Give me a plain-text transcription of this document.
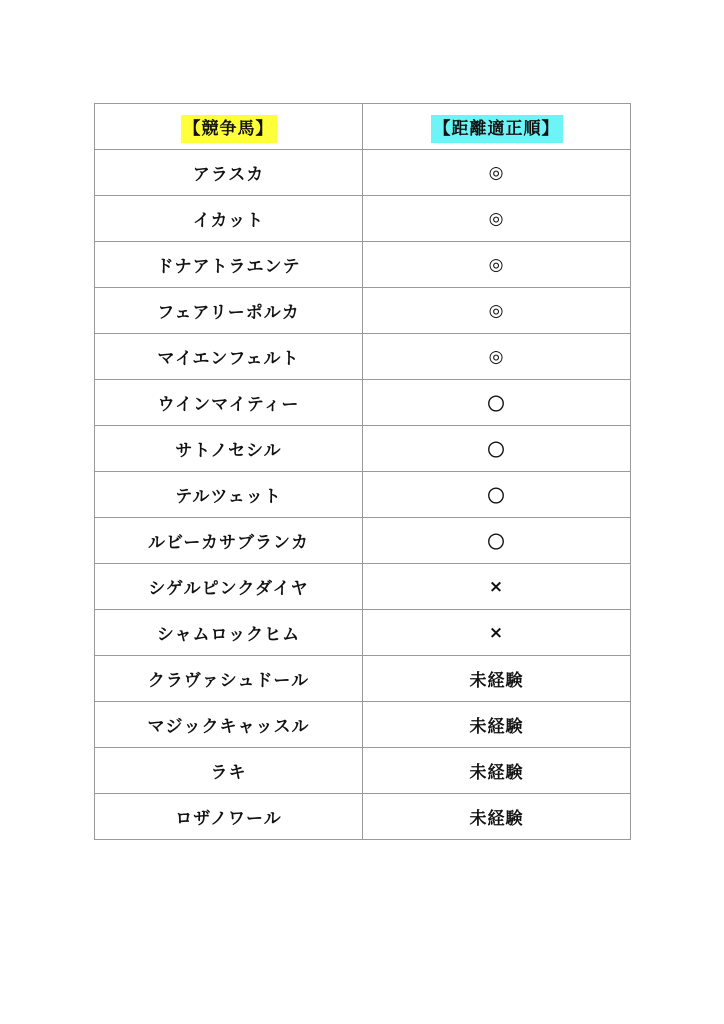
【競争馬】	【距離適正順】
アラスカ	◎
イカット	◎
ドナアトラエンテ	◎
フェアリーポルカ	◎
マイエンフェルト	◎
ウインマイティー	〇
サトノセシル	〇
テルツェット	〇
ルビーカサブランカ	〇
シゲルピンクダイヤ	×
シャムロックヒム	×
クラヴァシュドール	未経験
マジックキャッスル	未経験
ラキ	未経験
ロザノワール	未経験
